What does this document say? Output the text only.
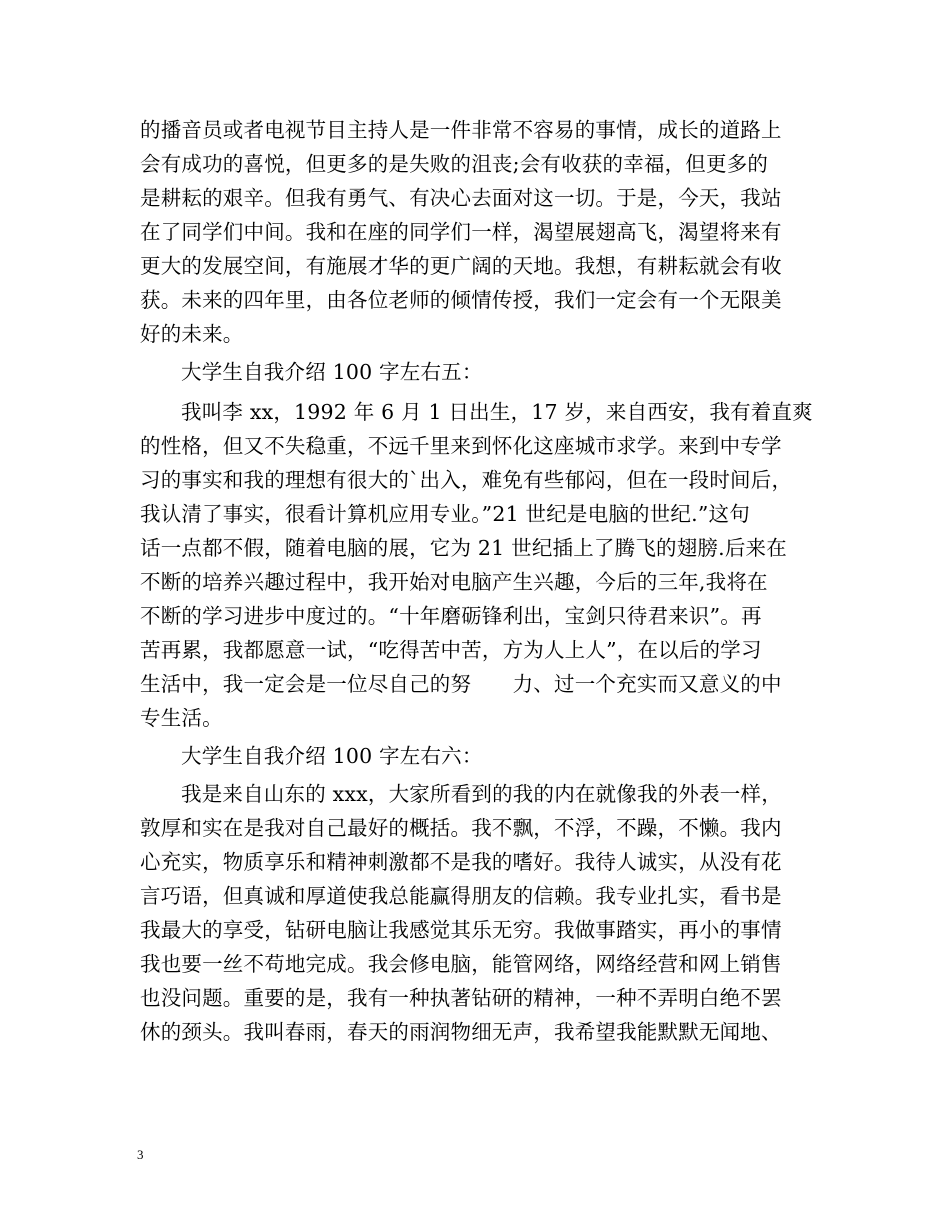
的播音员或者电视节目主持人是一件非常不容易的事情，成长的道路上
会有成功的喜悦，但更多的是失败的沮丧;会有收获的幸福，但更多的
是耕耘的艰辛。但我有勇气、有决心去面对这一切。于是，今天，我站
在了同学们中间。我和在座的同学们一样，渴望展翅高飞，渴望将来有
更大的发展空间，有施展才华的更广阔的天地。我想，有耕耘就会有收
获。未来的四年里，由各位老师的倾情传授，我们一定会有一个无限美
好的未来。
大学生自我介绍 100 字左右五：
我叫李 xx，1992 年 6 月 1 日出生，17 岁，来自西安，我有着直爽
的性格，但又不失稳重，不远千里来到怀化这座城市求学。来到中专学
习的事实和我的理想有很大的`出入，难免有些郁闷，但在一段时间后，
我认清了事实，很看计算机应用专业。”21 世纪是电脑的世纪.”这句
话一点都不假，随着电脑的展，它为 21 世纪插上了腾飞的翅膀.后来在
不断的培养兴趣过程中，我开始对电脑产生兴趣，今后的三年,我将在
不断的学习进步中度过的。“十年磨砺锋利出，宝剑只待君来识”。再
苦再累，我都愿意一试，“吃得苦中苦，方为人上人”，在以后的学习
生活中，我一定会是一位尽自己的努　　力、过一个充实而又意义的中
专生活。
大学生自我介绍 100 字左右六：
我是来自山东的 xxx，大家所看到的我的内在就像我的外表一样，
敦厚和实在是我对自己最好的概括。我不飘，不浮，不躁，不懒。我内
心充实，物质享乐和精神刺激都不是我的嗜好。我待人诚实，从没有花
言巧语，但真诚和厚道使我总能赢得朋友的信赖。我专业扎实，看书是
我最大的享受，钻研电脑让我感觉其乐无穷。我做事踏实，再小的事情
我也要一丝不苟地完成。我会修电脑，能管网络，网络经营和网上销售
也没问题。重要的是，我有一种执著钻研的精神，一种不弄明白绝不罢
休的颈头。我叫春雨，春天的雨润物细无声，我希望我能默默无闻地、
3
